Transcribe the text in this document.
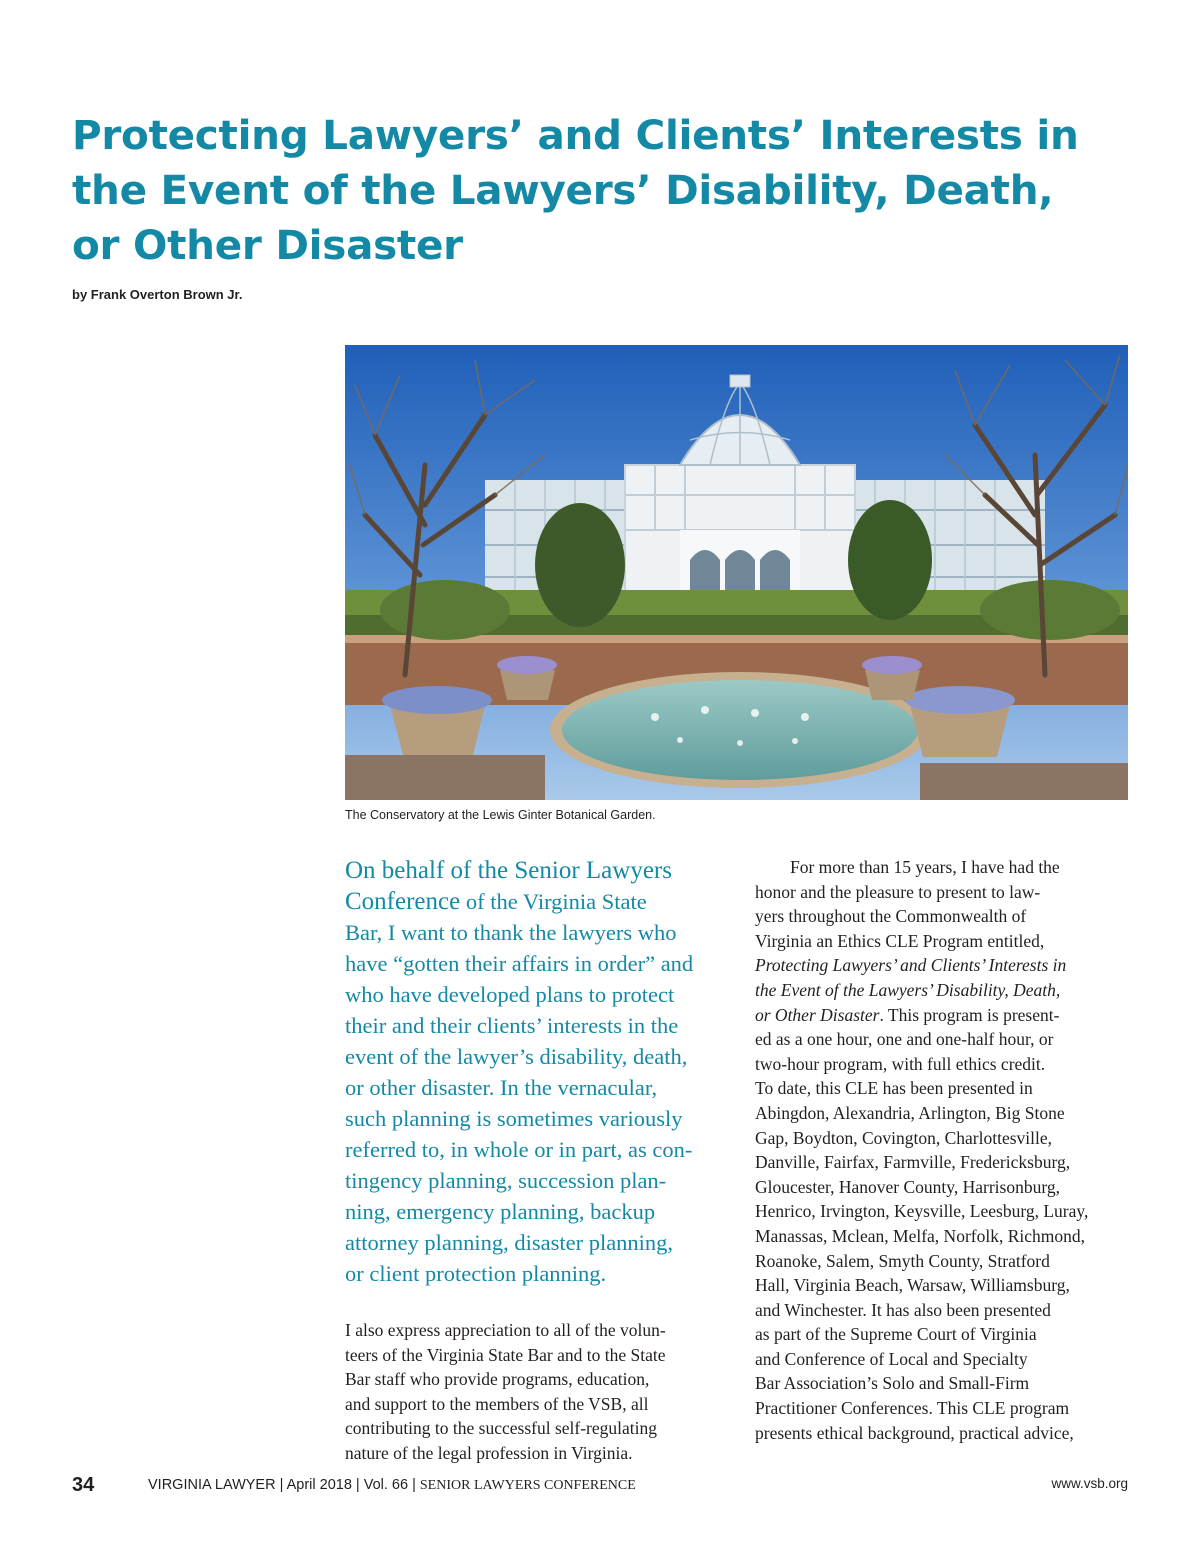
Protecting Lawyers’ and Clients’ Interests in
the Event of the Lawyers’ Disability, Death,
or Other Disaster
by Frank Overton Brown Jr.
The Conservatory at the Lewis Ginter Botanical Garden.

On behalf of the Senior Lawyers
Conference of the Virginia State
Bar, I want to thank the lawyers who
have “gotten their affairs in order” and
who have developed plans to protect
their and their clients’ interests in the
event of the lawyer’s disability, death,
or other disaster. In the vernacular,
such planning is sometimes variously
referred to, in whole or in part, as con-
tingency planning, succession plan-
ning, emergency planning, backup
attorney planning, disaster planning,
or client protection planning.

I also express appreciation to all of the volun-
teers of the Virginia State Bar and to the State
Bar staff who provide programs, education,
and support to the members of the VSB, all
contributing to the successful self-regulating
nature of the legal profession in Virginia.

For more than 15 years, I have had the
honor and the pleasure to present to law-
yers throughout the Commonwealth of
Virginia an Ethics CLE Program entitled,
Protecting Lawyers’ and Clients’ Interests in
the Event of the Lawyers’ Disability, Death,
or Other Disaster. This program is present-
ed as a one hour, one and one-half hour, or
two-hour program, with full ethics credit.
To date, this CLE has been presented in
Abingdon, Alexandria, Arlington, Big Stone
Gap, Boydton, Covington, Charlottesville,
Danville, Fairfax, Farmville, Fredericksburg,
Gloucester, Hanover County, Harrisonburg,
Henrico, Irvington, Keysville, Leesburg, Luray,
Manassas, Mclean, Melfa, Norfolk, Richmond,
Roanoke, Salem, Smyth County, Stratford
Hall, Virginia Beach, Warsaw, Williamsburg,
and Winchester. It has also been presented
as part of the Supreme Court of Virginia
and Conference of Local and Specialty
Bar Association’s Solo and Small-Firm
Practitioner Conferences. This CLE program
presents ethical background, practical advice,

34	VIRGINIA LAWYER | April 2018 | Vol. 66 | SENIOR LAWYERS CONFERENCE	www.vsb.org
